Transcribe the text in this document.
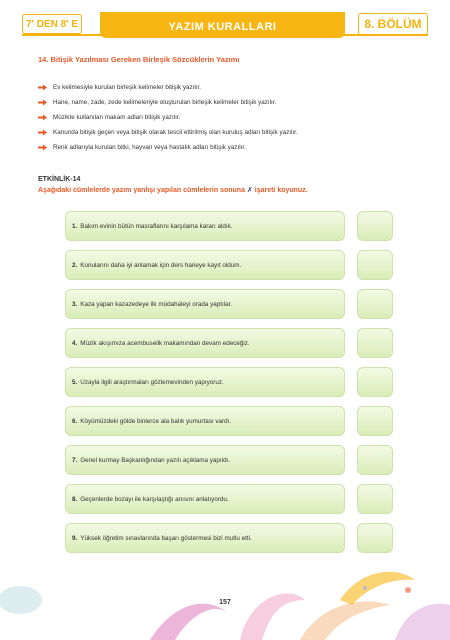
7' DEN 8' E	YAZIM KURALLARI	8. BÖLÜM
14. Bitişik Yazılması Gereken Birleşik Sözcüklerin Yazımı
Ev kelimesiyle kurulan birleşik kelimeler bitişik yazılır.
Hane, name, zade, zede kelimeleriyle oluşturulan birleşik kelimeler bitişik yazılır.
Müzikte kullanılan makam adları bitişik yazılır.
Kanunda bitişik geçen veya bitişik olarak tescil ettirilmiş olan kuruluş adları bitişik yazılır.
Renk adlarıyla kurulan bitki, hayvan veya hastalık adları bitişik yazılır.
ETKİNLİK-14
Aşağıdaki cümlelerde yazım yanlışı yapılan cümlelerin sonuna ✗ işareti koyunuz.
1. Bakım evinin bütün masraflarını karşılama kararı aldık.
2. Konularını daha iyi anlamak için ders haneye kayıt oldum.
3. Kaza yapan kazazedeye ilk müdahaleyi orada yaptılar.
4. Müzik akışımıza acembuselik makamından devam edeceğiz.
5. Uzayla ilgili araştırmaları gözlemevinden yapıyoruz.
6. Köyümüzdeki gölde binlerce ala balık yumurtası vardı.
7. Genel kurmay Başkanlığından yazılı açıklama yapıldı.
8. Geçenlerde bozayı ile karşılaştığı anısını anlatıyordu.
9. Yüksek öğretim sınavlarında başarı göstermesi bizi mutlu etti.
157
